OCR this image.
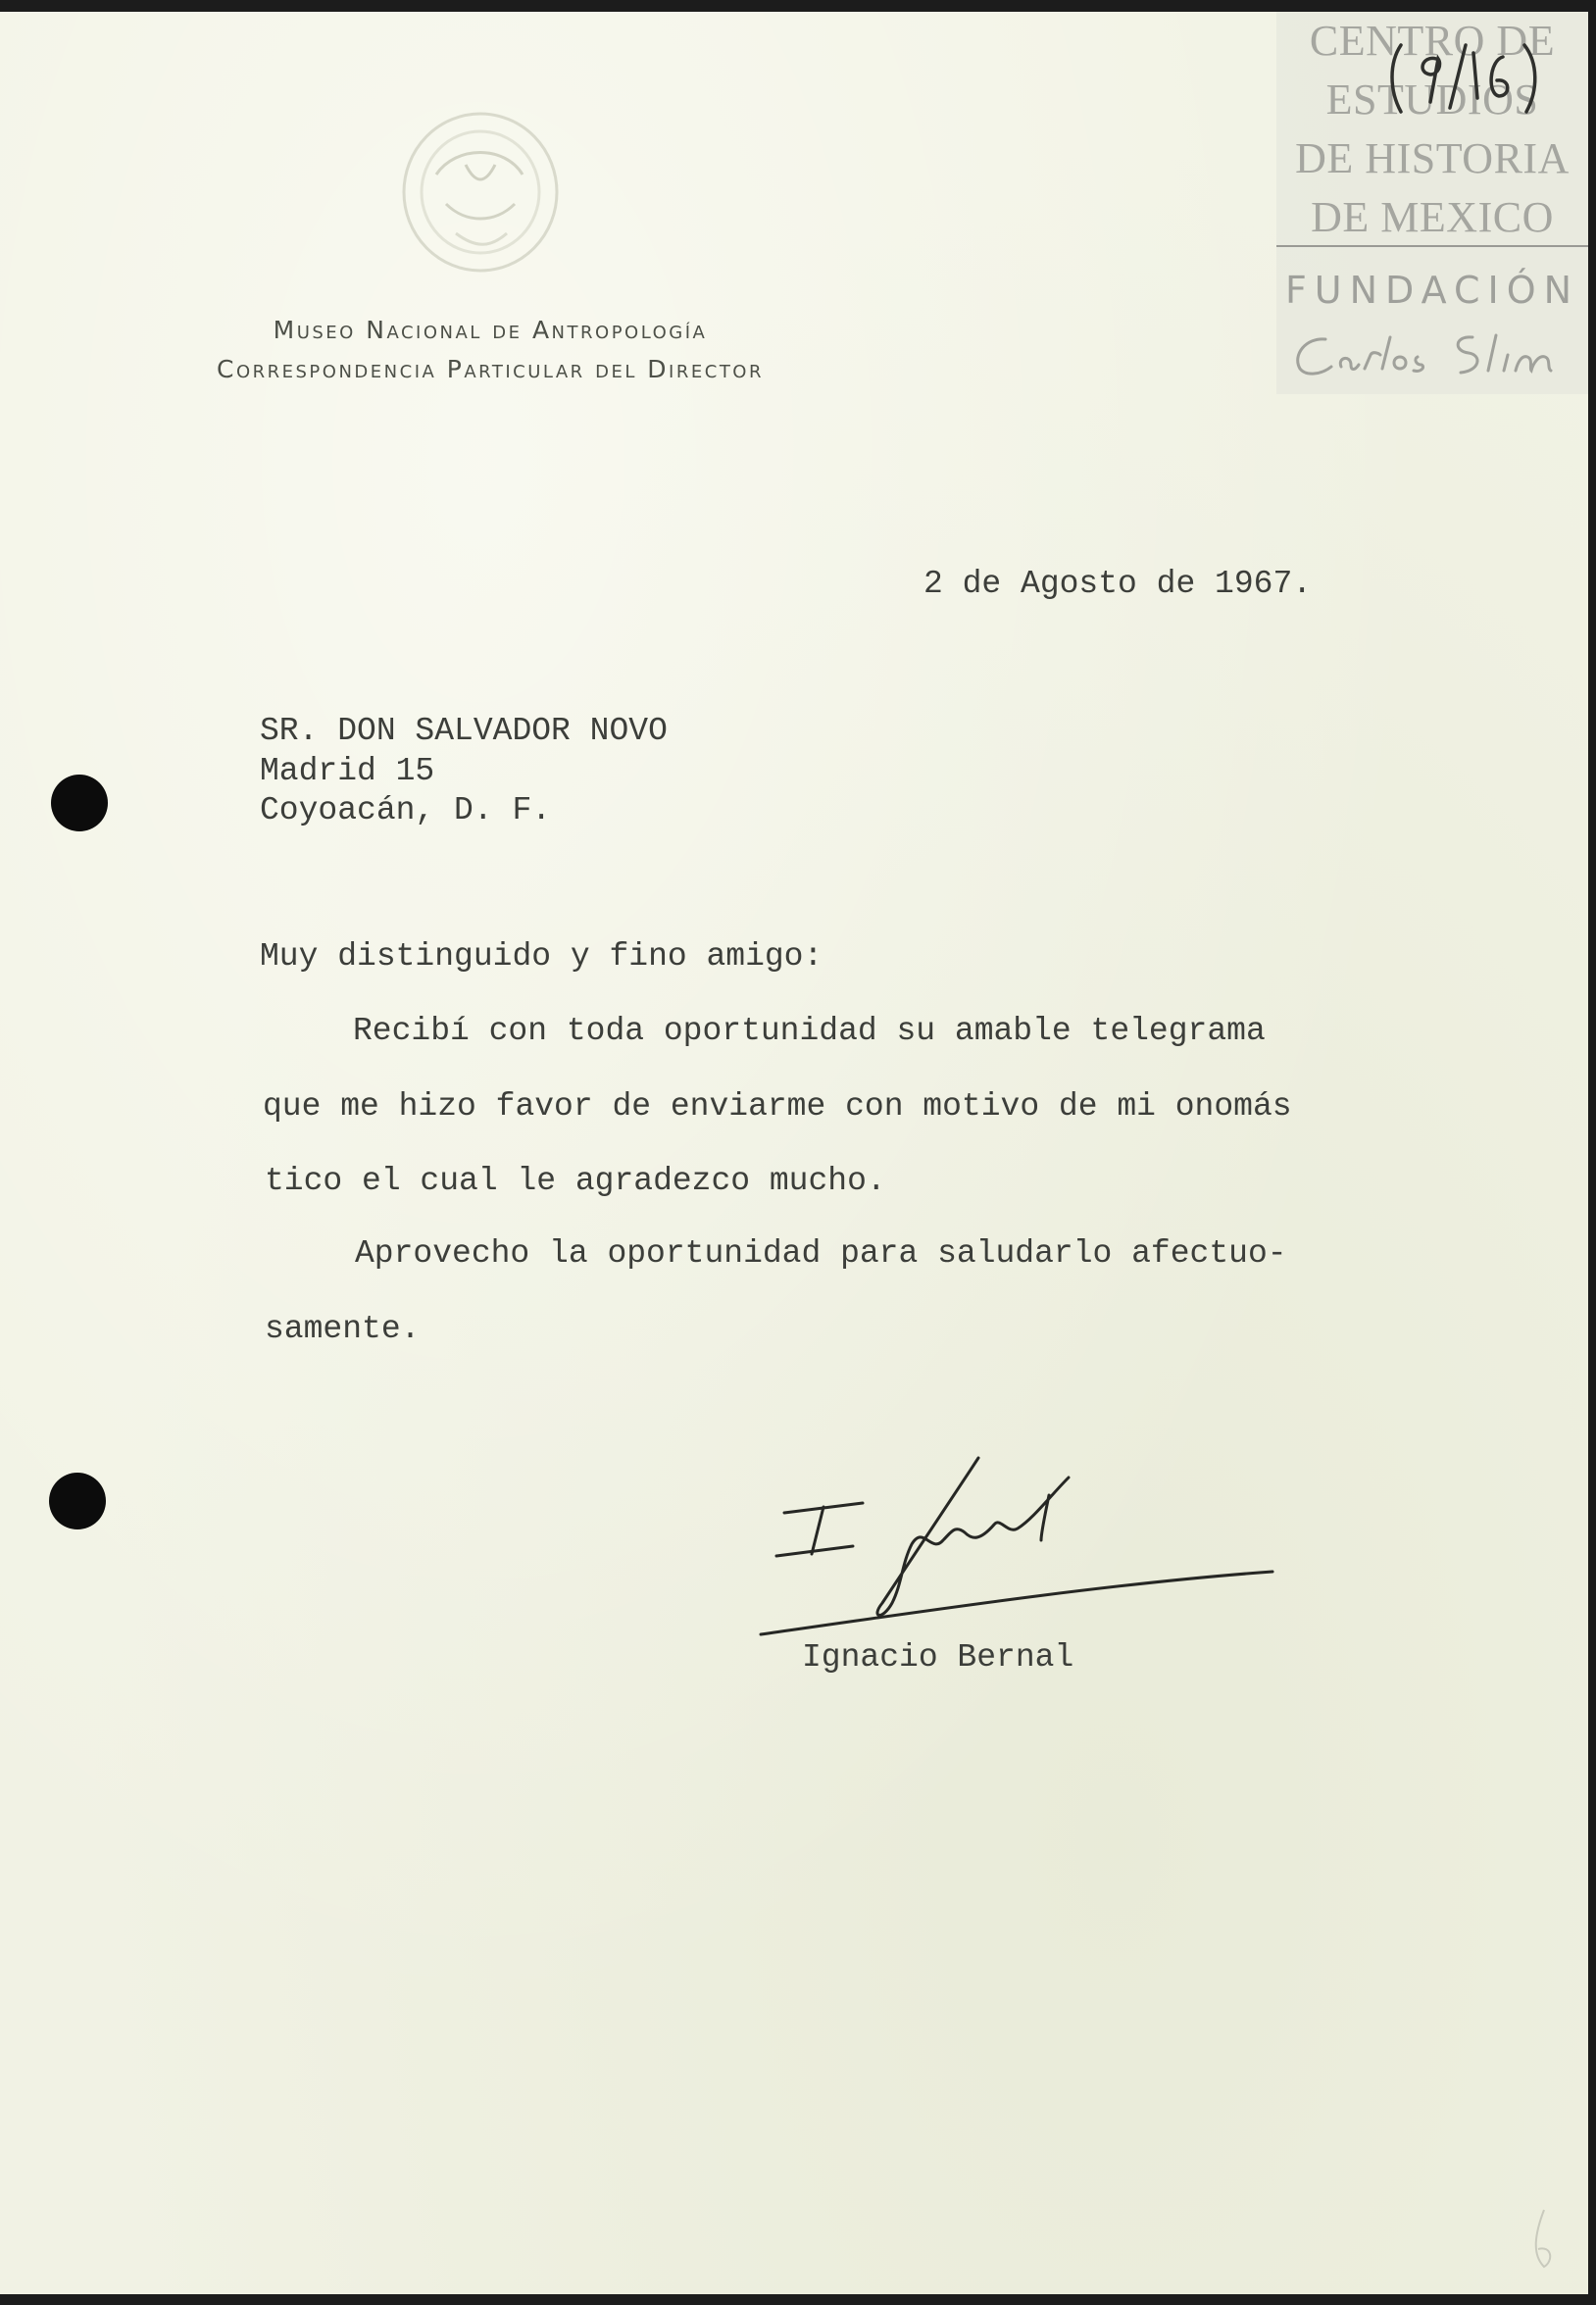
CENTRO DE
ESTUDIOS
DE HISTORIA
DE MEXICO
FUNDACIÓN
Museo Nacional de Antropología
Correspondencia Particular del Director
2 de Agosto de 1967.
SR. DON SALVADOR NOVO
Madrid 15
Coyoacán, D. F.
Muy distinguido y fino amigo:
Recibí con toda oportunidad su amable telegrama
que me hizo favor de enviarme con motivo de mi onomás
tico el cual le agradezco mucho.
Aprovecho la oportunidad para saludarlo afectuo-
samente.
Ignacio Bernal
